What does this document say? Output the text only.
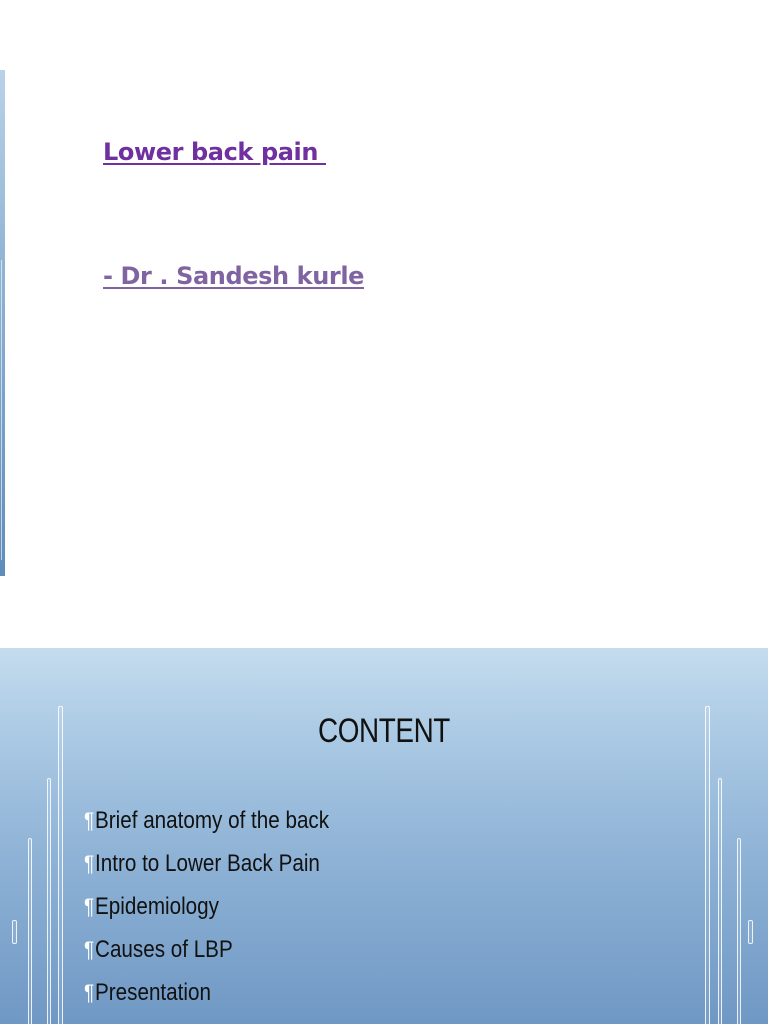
Lower back pain
- Dr . Sandesh kurle
CONTENT
¶Brief anatomy of the back
¶Intro to Lower Back Pain
¶Epidemiology
¶Causes of LBP
¶Presentation
